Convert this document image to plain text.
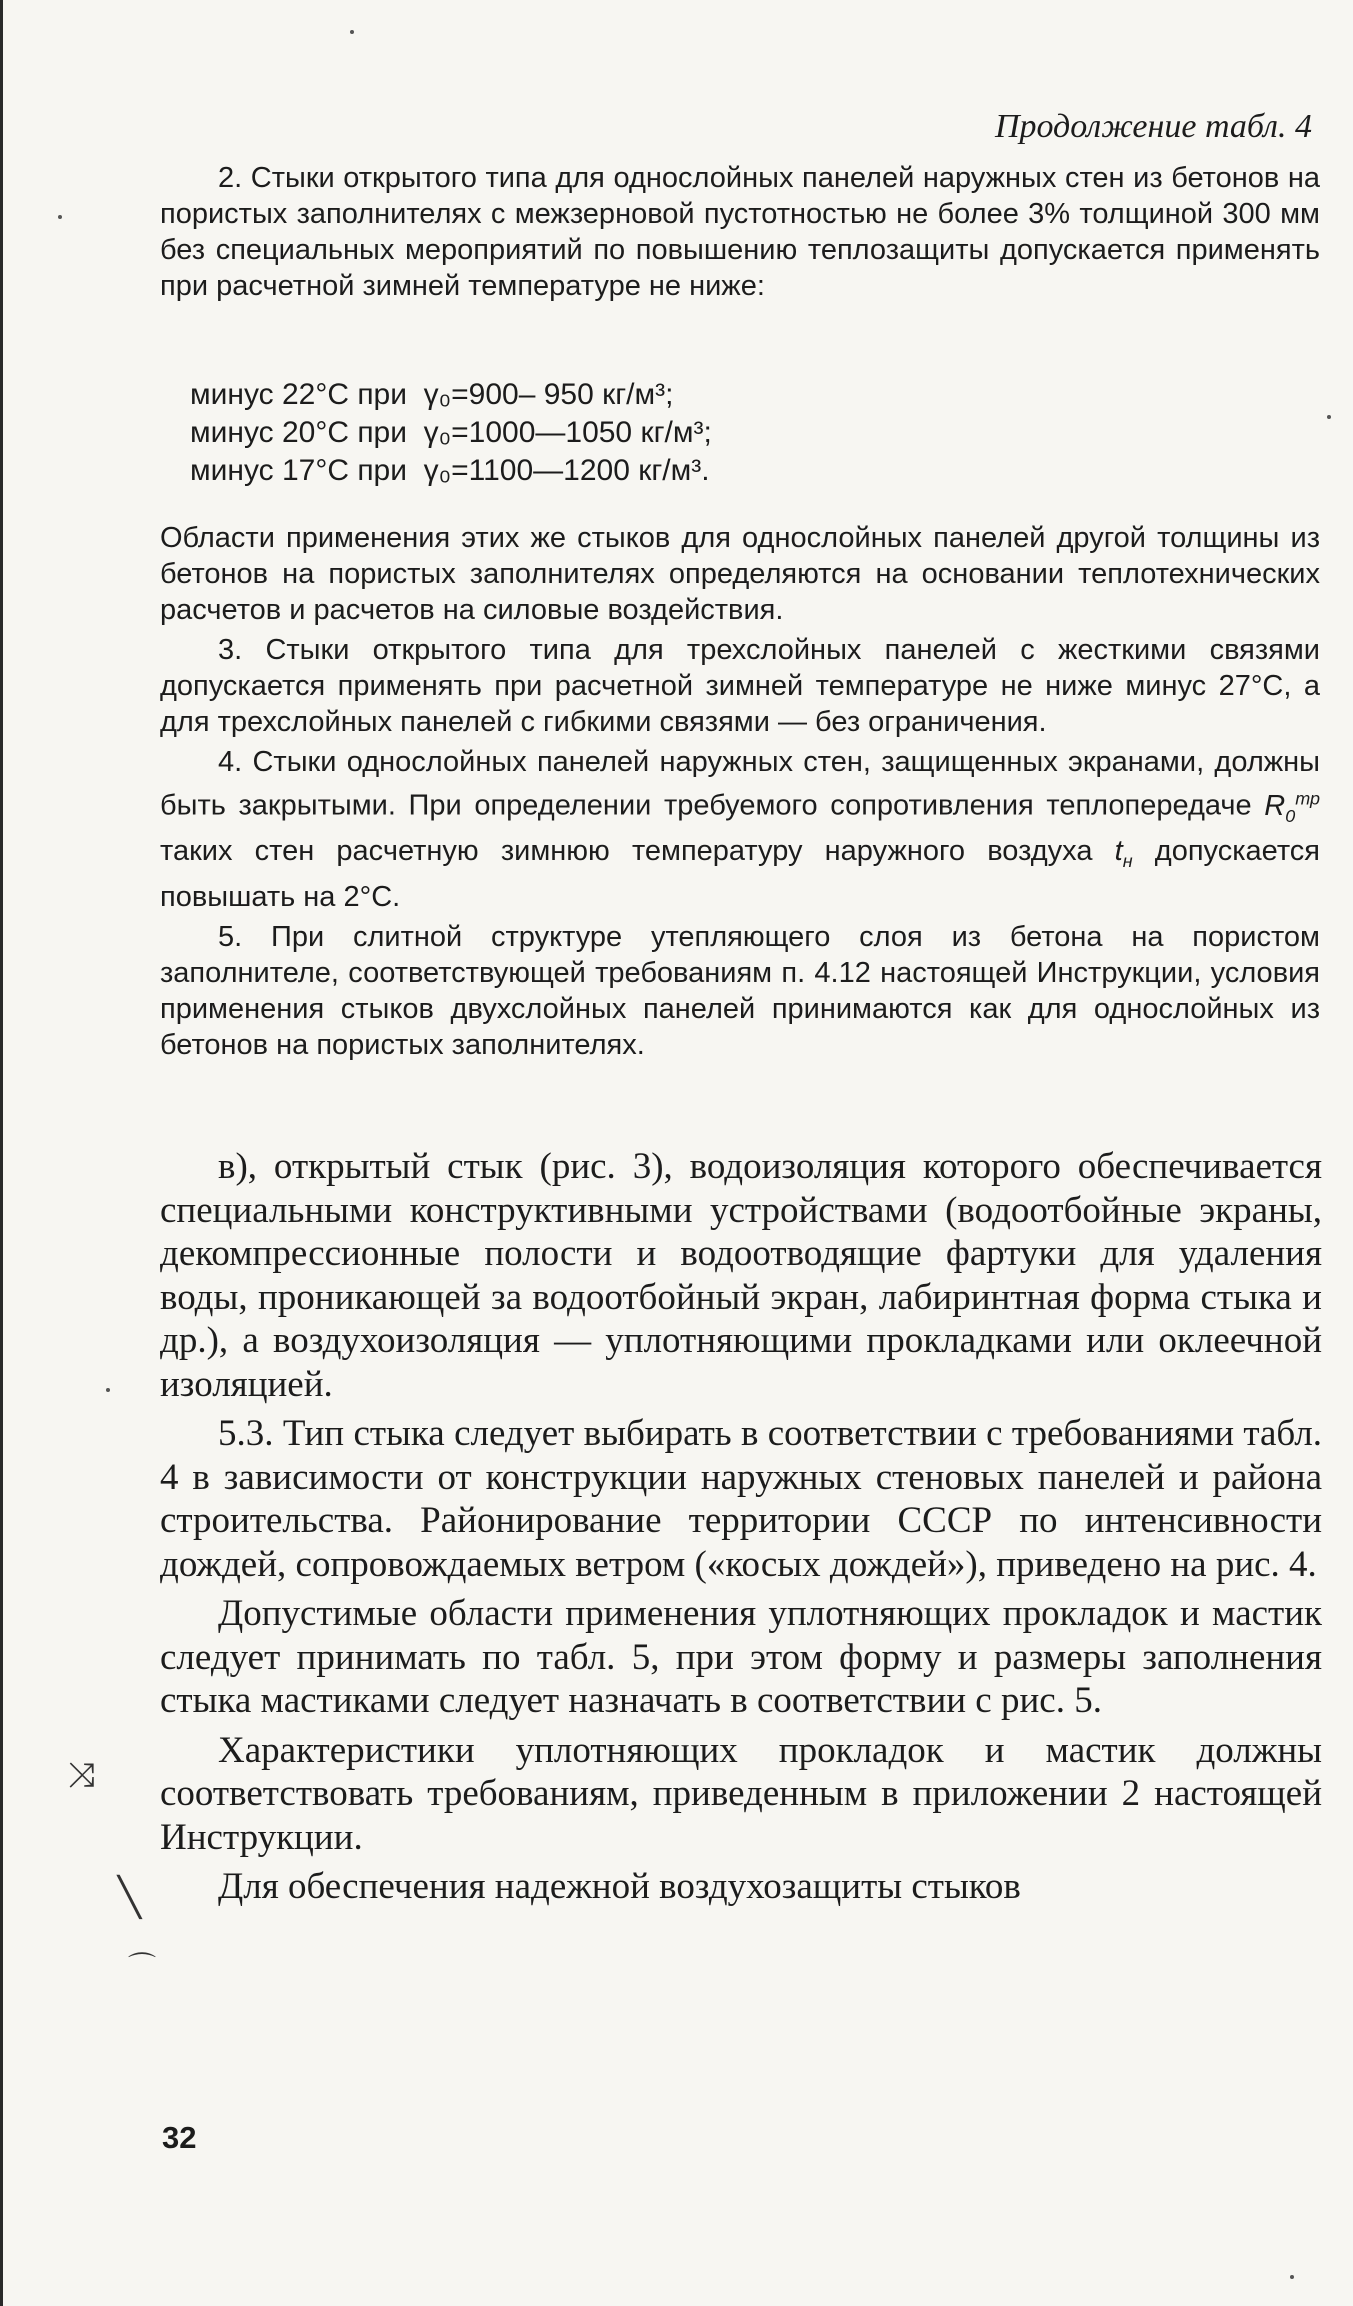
Продолжение табл. 4

2. Стыки открытого типа для однослойных панелей наружных стен из бетонов на пористых заполнителях с межзерновой пустотностью не более 3% толщиной 300 мм без специальных мероприятий по повышению теплозащиты допускается применять при расчетной зимней температуре не ниже:

минус 22°С при  γ₀=900– 950 кг/м³;
минус 20°С при  γ₀=1000—1050 кг/м³;
минус 17°С при  γ₀=1100—1200 кг/м³.

Области применения этих же стыков для однослойных панелей другой толщины из бетонов на пористых заполнителях определяются на основании теплотехнических расчетов и расчетов на силовые воздействия.

3. Стыки открытого типа для трехслойных панелей с жесткими связями допускается применять при расчетной зимней температуре не ниже минус 27°С, а для трехслойных панелей с гибкими связями — без ограничения.

4. Стыки однослойных панелей наружных стен, защищенных экранами, должны быть закрытыми. При определении требуемого сопротивления теплопередаче $R_0^{тр}$ таких стен расчетную зимнюю температуру наружного воздуха $t_н$ допускается повышать на 2°С.

5. При слитной структуре утепляющего слоя из бетона на пористом заполнителе, соответствующей требованиям п. 4.12 настоящей Инструкции, условия применения стыков двухслойных панелей принимаются как для однослойных из бетонов на пористых заполнителях.

в), открытый стык (рис. 3), водоизоляция которого обеспечивается специальными конструктивными устройствами (водоотбойные экраны, декомпрессионные полости и водоотводящие фартуки для удаления воды, проникающей за водоотбойный экран, лабиринтная форма стыка и др.), а воздухоизоляция — уплотняющими прокладками или оклеечной изоляцией.

5.3. Тип стыка следует выбирать в соответствии с требованиями табл. 4 в зависимости от конструкции наружных стеновых панелей и района строительства. Районирование территории СССР по интенсивности дождей, сопровождаемых ветром («косых дождей»), приведено на рис. 4.

Допустимые области применения уплотняющих прокладок и мастик следует принимать по табл. 5, при этом форму и размеры заполнения стыка мастиками следует назначать в соответствии с рис. 5.

Характеристики уплотняющих прокладок и мастик должны соответствовать требованиям, приведенным в приложении 2 настоящей Инструкции.

Для обеспечения надежной воздухозащиты стыков

32
⤨
╲
⌒
